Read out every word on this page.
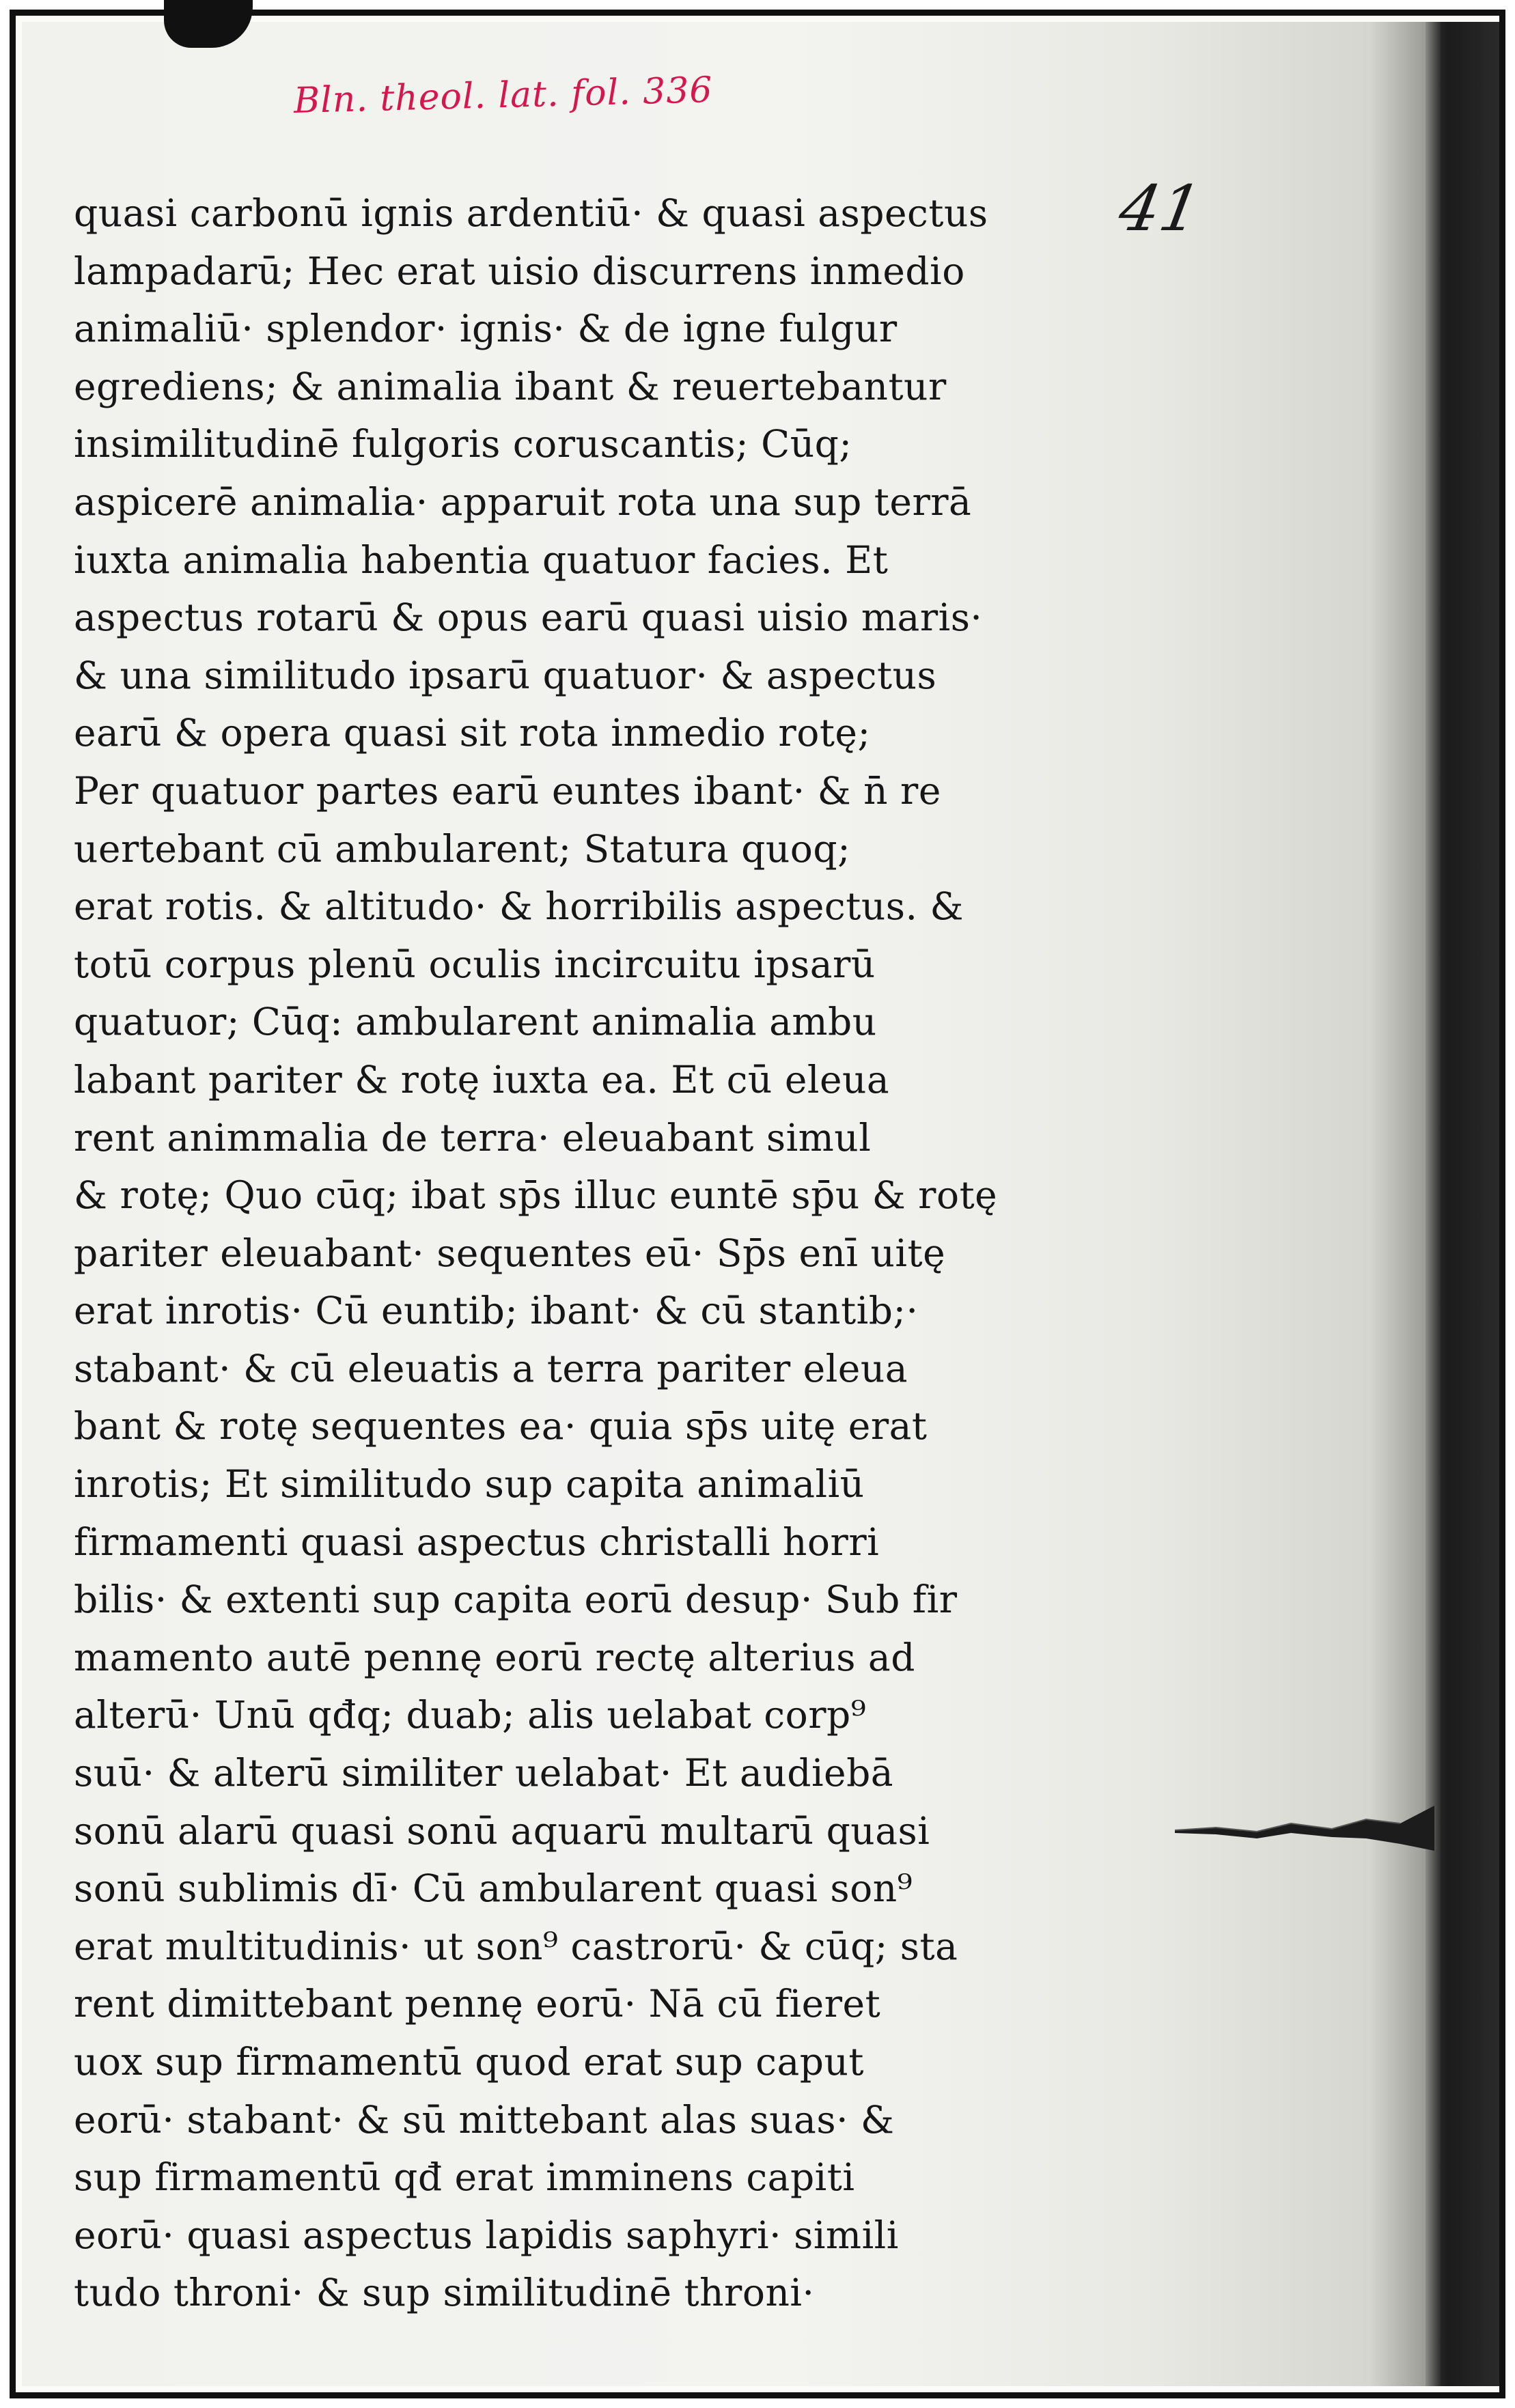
Bln. theol. lat. fol. 336
41
quasi carbonū ignis ardentiū· & quasi aspectus
lampadarū; Hec erat uisio discurrens inmedio
animaliū· splendor· ignis· & de igne fulgur
egrediens; & animalia ibant & reuertebantur
insimilitudinē fulgoris coruscantis; Cūq;
aspicerē animalia· apparuit rota una sup terrā
iuxta animalia habentia quatuor facies. Et
aspectus rotarū & opus earū quasi uisio maris·
& una similitudo ipsarū quatuor· & aspectus
earū & opera quasi sit rota inmedio rotę;
Per quatuor partes earū euntes ibant· & n̄ re
uertebant cū ambularent; Statura quoq;
erat rotis. & altitudo· & horribilis aspectus. &
totū corpus plenū oculis incircuitu ipsarū
quatuor; Cūq: ambularent animalia ambu
labant pariter & rotę iuxta ea. Et cū eleua
rent animmalia de terra· eleuabant simul
& rotę; Quo cūq; ibat sp̄s illuc euntē sp̄u & rotę
pariter eleuabant· sequentes eū· Sp̄s enī uitę
erat inrotis· Cū euntib; ibant· & cū stantib;·
stabant· & cū eleuatis a terra pariter eleua
bant & rotę sequentes ea· quia sp̄s uitę erat
inrotis; Et similitudo sup capita animaliū
firmamenti quasi aspectus christalli horri
bilis· & extenti sup capita eorū desup· Sub fir
mamento autē pennę eorū rectę alterius ad
alterū· Unū qđq; duab; alis uelabat corp⁹
suū· & alterū similiter uelabat· Et audiebā
sonū alarū quasi sonū aquarū multarū quasi
sonū sublimis dī· Cū ambularent quasi son⁹
erat multitudinis· ut son⁹ castrorū· & cūq; sta
rent dimittebant pennę eorū· Nā cū fieret
uox sup firmamentū quod erat sup caput
eorū· stabant· & sū mittebant alas suas· &
sup firmamentū qđ erat imminens capiti
eorū· quasi aspectus lapidis saphyri· simili
tudo throni· & sup similitudinē throni·
